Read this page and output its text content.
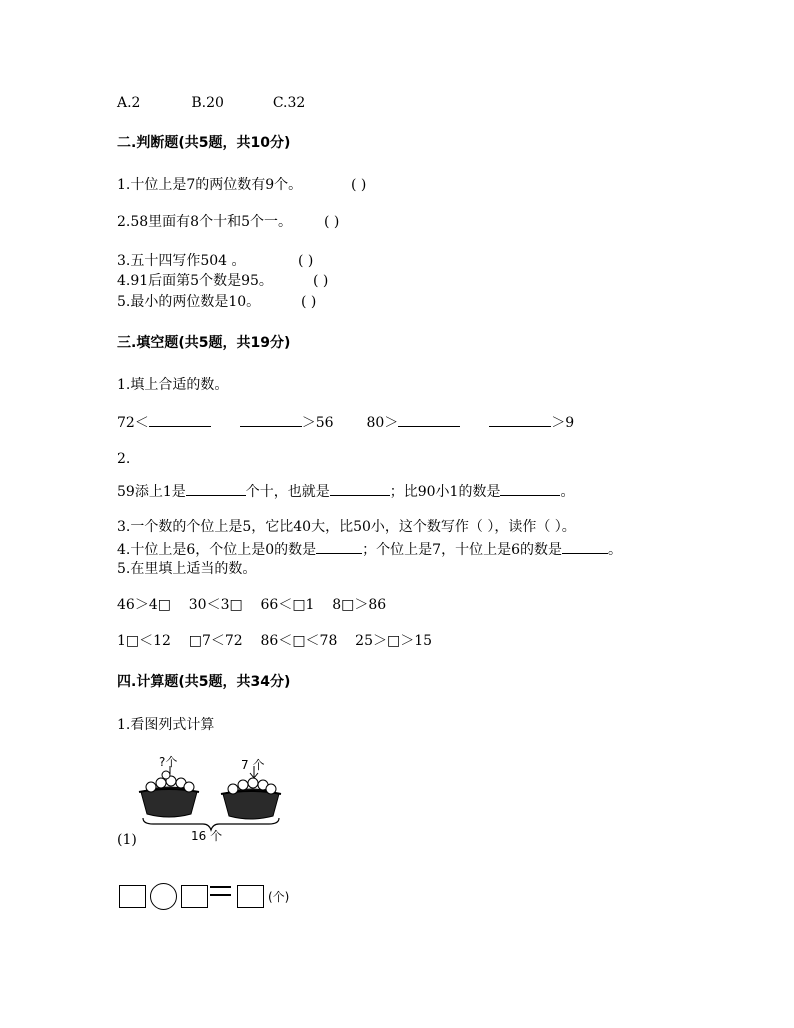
A.2	B.20	C.32
二.判断题(共5题，共10分)
1.十位上是7的两位数有9个。	( )
2.58里面有8个十和5个一。 ( )
3.五十四写作504 。	( )
4.91后面第5个数是95。	( )
5.最小的两位数是10。	( )
三.填空题(共5题，共19分)
1.填上合适的数。
72＜	＞56 80＞	＞9
2.
59添上1是	个十，也就是	；比90小1的数是	。
3.一个数的个位上是5，它比40大，比50小，这个数写作（ ），读作（ ）。
4.十位上是6，个位上是0的数是	；个位上是7，十位上是6的数是	。
5.在里填上适当的数。
46＞4□    30＜3□    66＜□1    8□＞86
1□＜12    □7＜72    86＜□＜78    25＞□＞15
四.计算题(共5题，共34分)
1.看图列式计算
?个	7 个
16 个
(1)
(个)
